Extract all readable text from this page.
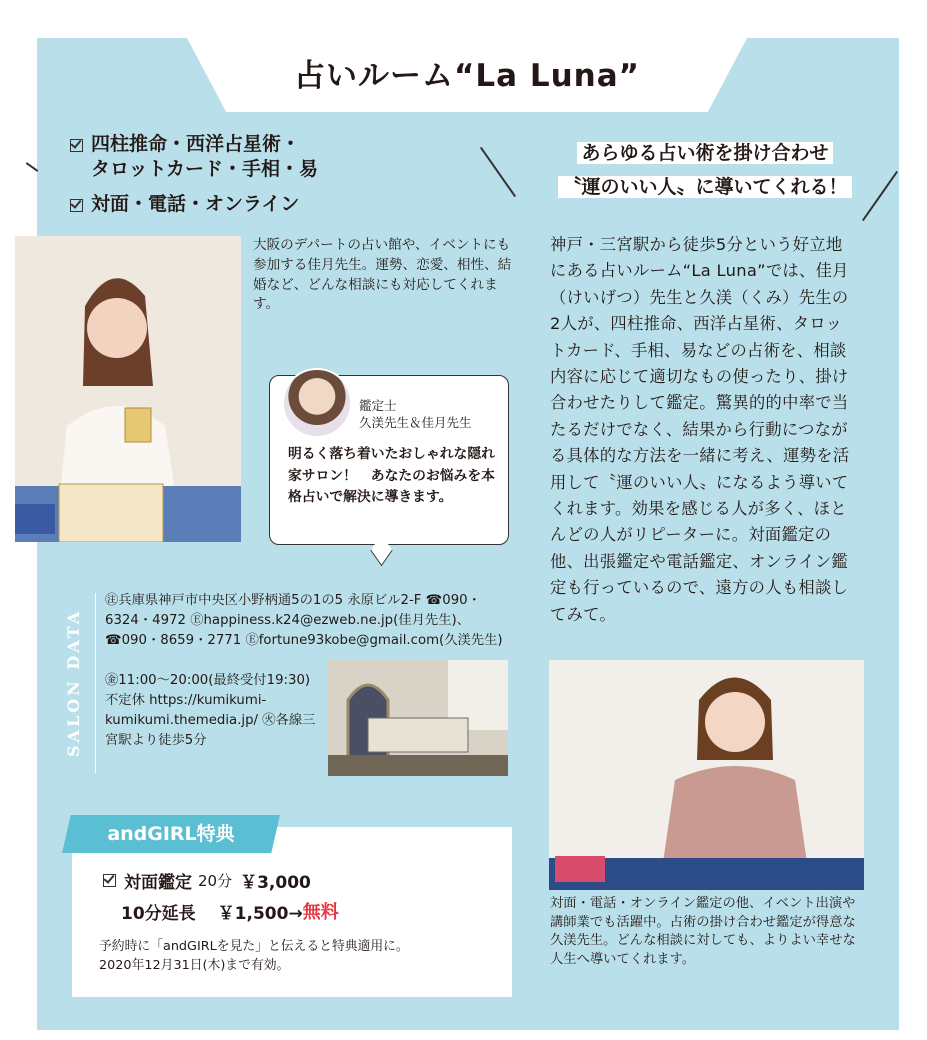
占いルーム“La Luna”
四柱推命・西洋占星術・
タロットカード・手相・易
対面・電話・オンライン
あらゆる占い術を掛け合わせ
〝運のいい人〟に導いてくれる！
神戸・三宮駅から徒歩5分という好立地にある占いルーム“La Luna”では、佳月（けいげつ）先生と久渼（くみ）先生の2人が、四柱推命、西洋占星術、タロットカード、手相、易などの占術を、相談内容に応じて適切なもの使ったり、掛け合わせたりして鑑定。驚異的的中率で当たるだけでなく、結果から行動につながる具体的な方法を一緒に考え、運勢を活用して〝運のいい人〟になるよう導いてくれます。効果を感じる人が多く、ほとんどの人がリピーターに。対面鑑定の他、出張鑑定や電話鑑定、オンライン鑑定も行っているので、遠方の人も相談してみて。
大阪のデパートの占い館や、イベントにも参加する佳月先生。運勢、恋愛、相性、結婚など、どんな相談にも対応してくれます。
鑑定士
久渼先生＆佳月先生
明るく落ち着いたおしゃれな隠れ家サロン！　あなたのお悩みを本格占いで解決に導きます。
SALON DATA
㊟兵庫県神戸市中央区小野柄通5の1の5 永原ビル2-F ☎090・6324・4972 Ⓔhappiness.k24@ezweb.ne.jp(佳月先生)、☎090・8659・2771 Ⓔfortune93kobe@gmail.com(久渼先生)
㊎11:00〜20:00(最終受付19:30) 不定休 https://kumikumi-kumikumi.themedia.jp/ ㊋各線三宮駅より徒歩5分
対面・電話・オンライン鑑定の他、イベント出演や講師業でも活躍中。占術の掛け合わせ鑑定が得意な久渼先生。どんな相談に対しても、よりよい幸せな人生へ導いてくれます。
andGIRL特典
対面鑑定 20分 ￥3,000
10分延長 ￥1,500→ 無料
予約時に「andGIRLを見た」と伝えると特典適用に。
2020年12月31日(木)まで有効。
